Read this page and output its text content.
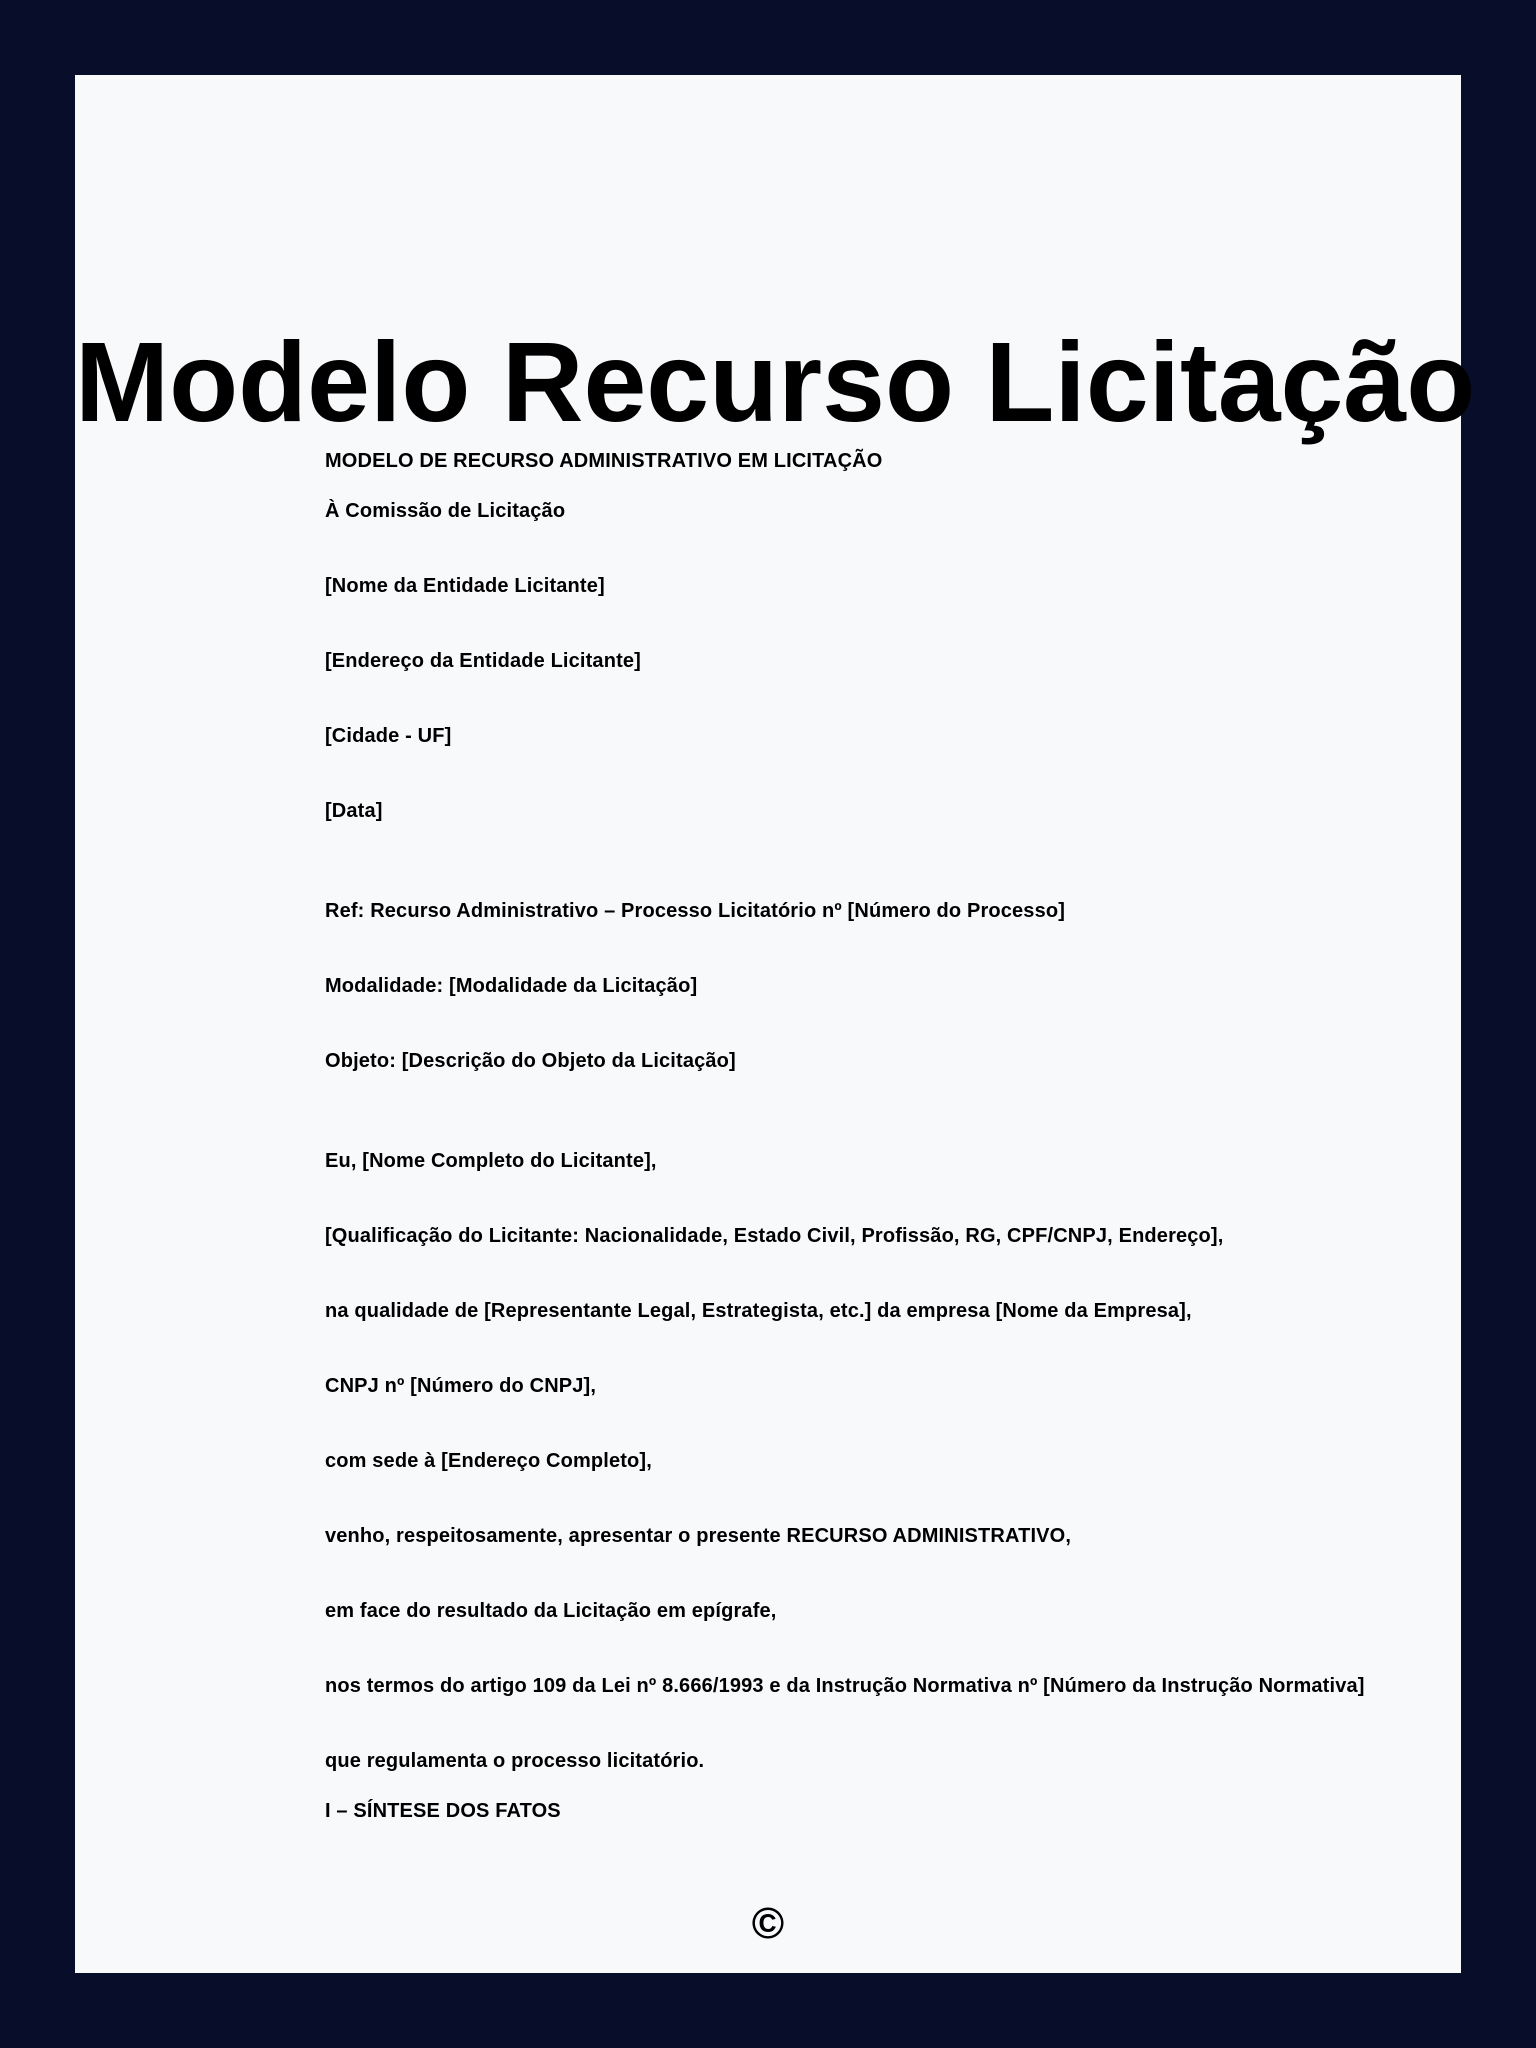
Modelo Recurso Licitação

MODELO DE RECURSO ADMINISTRATIVO EM LICITAÇÃO

À Comissão de Licitação

[Nome da Entidade Licitante]

[Endereço da Entidade Licitante]

[Cidade - UF]

[Data]

Ref: Recurso Administrativo – Processo Licitatório nº [Número do Processo]

Modalidade: [Modalidade da Licitação]

Objeto: [Descrição do Objeto da Licitação]

Eu, [Nome Completo do Licitante],

[Qualificação do Licitante: Nacionalidade, Estado Civil, Profissão, RG, CPF/CNPJ, Endereço],

na qualidade de [Representante Legal, Estrategista, etc.] da empresa [Nome da Empresa],

CNPJ nº [Número do CNPJ],

com sede à [Endereço Completo],

venho, respeitosamente, apresentar o presente RECURSO ADMINISTRATIVO,

em face do resultado da Licitação em epígrafe,

nos termos do artigo 109 da Lei nº 8.666/1993 e da Instrução Normativa nº [Número da Instrução Normativa]

que regulamenta o processo licitatório.

I – SÍNTESE DOS FATOS

©
